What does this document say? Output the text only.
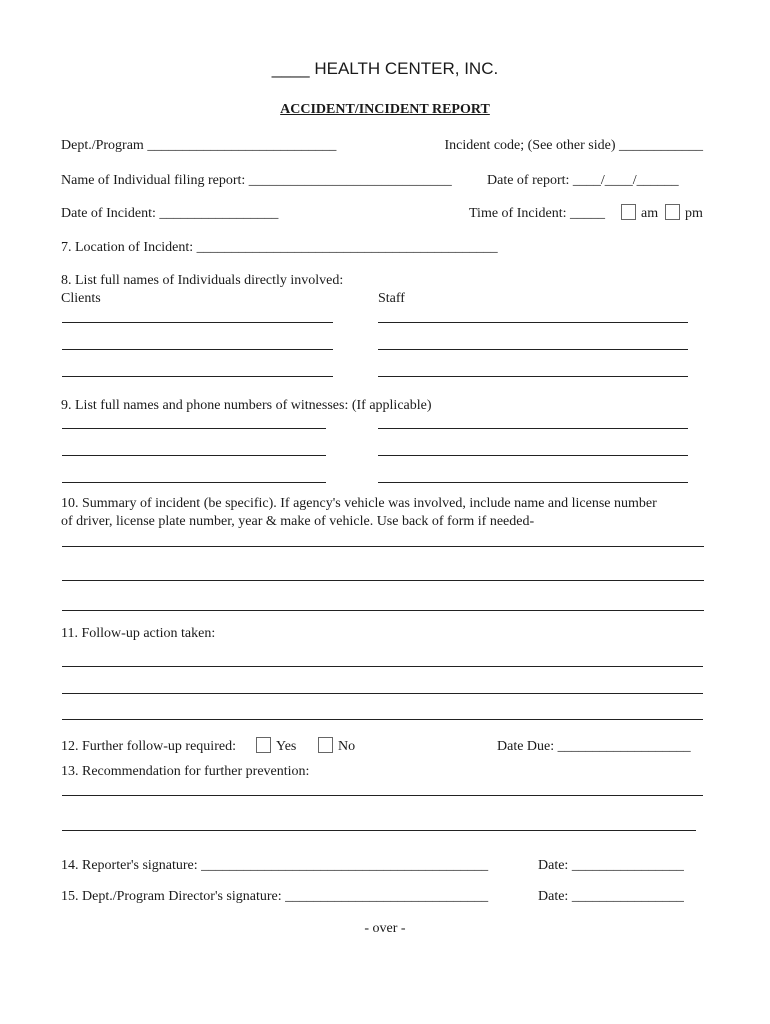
____ HEALTH CENTER, INC.
ACCIDENT/INCIDENT REPORT
Dept./Program ___________________________	Incident code; (See other side) ____________
Name of Individual filing report: _____________________________	Date of report: ____/____/______
Date of Incident: _________________	Time of Incident: _____	am pm
7. Location of Incident: ___________________________________________
8. List full names of Individuals directly involved:
Clients	Staff
9. List full names and phone numbers of witnesses: (If applicable)
10. Summary of incident (be specific). If agency's vehicle was involved, include name and license number
of driver, license plate number, year & make of vehicle. Use back of form if needed-
11. Follow-up action taken:
12. Further follow-up required:	Yes	No	Date Due: ___________________
13. Recommendation for further prevention:
14. Reporter's signature: _________________________________________	Date: ________________
15. Dept./Program Director's signature: _____________________________	Date: ________________
- over -
